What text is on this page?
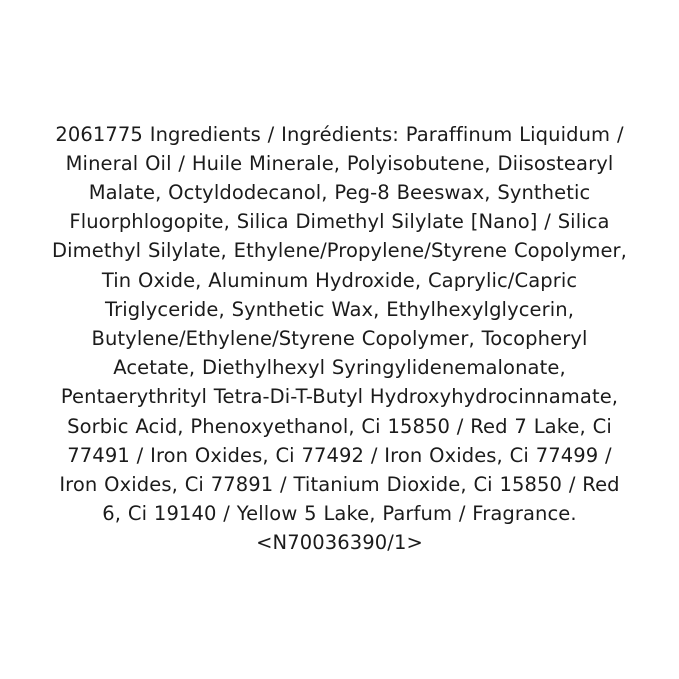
2061775 Ingredients / Ingrédients: Paraffinum Liquidum / Mineral Oil / Huile Minerale, Polyisobutene, Diisostearyl Malate, Octyldodecanol, Peg-8 Beeswax, Synthetic Fluorphlogopite, Silica Dimethyl Silylate [Nano] / Silica Dimethyl Silylate, Ethylene/Propylene/Styrene Copolymer, Tin Oxide, Aluminum Hydroxide, Caprylic/Capric Triglyceride, Synthetic Wax, Ethylhexylglycerin, Butylene/Ethylene/Styrene Copolymer, Tocopheryl Acetate, Diethylhexyl Syringylidenemalonate, Pentaerythrityl Tetra-Di-T-Butyl Hydroxyhydrocinnamate, Sorbic Acid, Phenoxyethanol, Ci 15850 / Red 7 Lake, Ci 77491 / Iron Oxides, Ci 77492 / Iron Oxides, Ci 77499 / Iron Oxides, Ci 77891 / Titanium Dioxide, Ci 15850 / Red 6, Ci 19140 / Yellow 5 Lake, Parfum / Fragrance. <N70036390/1>
